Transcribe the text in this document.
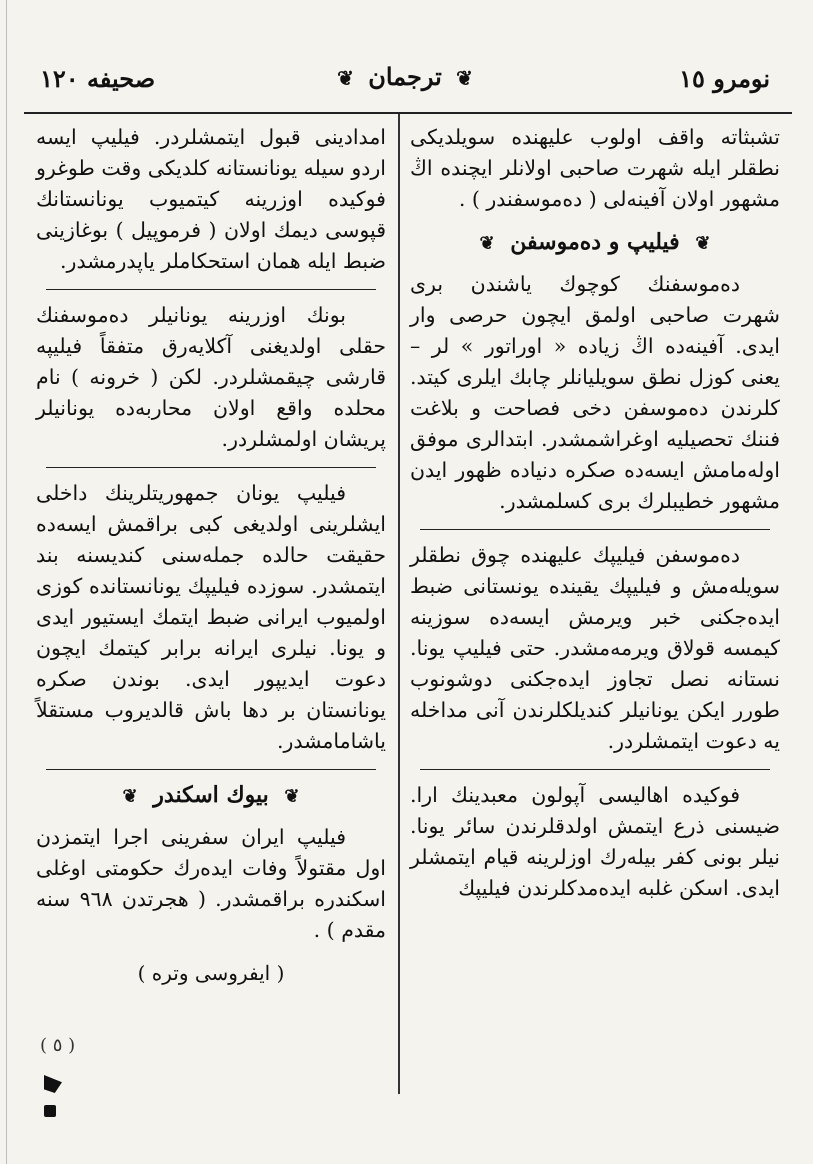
نومرو ١٥
❦ ترجمان ❦
صحيفه ١٢٠

تشبثاته واقف اولوب عليهنده سويلديكى نطقلر ايله شهرت صاحبى اولانلر ايچنده اڭ مشهور اولان آفينه‌لى ( دەموسفندر ) .

❦ فيليپ و دەموسفن ❦

دەموسفنك كوچوك ياشندن برى شهرت صاحبى اولمق ايچون حرصى وار ايدى. آفينه‌ده اڭ زياده « اوراتور » لر – يعنى كوزل نطق سويليانلر چابك ايلرى كيتد. كلرندن دەموسفن دخى فصاحت و بلاغت فننك تحصيليه اوغراشمشدر. ابتدالرى موفق اوله‌مامش ايسه‌ده صكره دنياده ظهور ايدن مشهور خطيبلرك برى كسلمشدر.

دەموسفن فيليپك عليهنده چوق نطقلر سويله‌مش و فيليپك يقينده يونستانى ضبط ايده‌جكنى خبر ويرمش ايسه‌ده سوزينه كيمسه قولاق ويرمه‌مشدر. حتى فيليپ يونا. نستانه نصل تجاوز ايده‌جكنى دوشونوب طورر ايكن يونانيلر كنديلكلرندن آنى مداخله يه دعوت ايتمشلردر.

فوكيده اهاليسى آپولون معبدينك ارا. ضيسنى ذرع ايتمش اولدقلرندن سائر يونا. نيلر بونى كفر بيلەرك اوزلرينه قيام ايتمشلر ايدى. اسكن غلبه ايده‌مدكلرندن فيليپك

امدادينى قبول ايتمشلردر. فيليپ ايسه اردو سيله يونانستانه كلديكى وقت طوغرو فوكيده اوزرينه كيتميوب يونانستانك قپوسى ديمك اولان ( فرموپيل ) بوغازينى ضبط ايله همان استحكاملر ياپدرمشدر.

بونك اوزرينه يونانيلر دەموسفنك حقلى اولديغنى آكلايەرق متفقاً فيليپه قارشى چيقمشلردر. لكن ( خرونه ) نام محلده واقع اولان محاربه‌ده يونانيلر پريشان اولمشلردر.

فيليپ يونان جمهوريتلرينك داخلى ايشلرينى اولديغى كبى براقمش ايسه‌ده حقيقت حالده جمله‌سنى كنديسنه بند ايتمشدر. سوزده فيليپك يونانستانده كوزى اولميوب ايرانى ضبط ايتمك ايستيور ايدى و يونا. نيلرى ايرانه برابر كيتمك ايچون دعوت ايديپور ايدى. بوندن صكره يونانستان بر دها باش قالديروب مستقلاً ياشامامشدر.

❦ بيوك اسكندر ❦

فيليپ ايران سفرينى اجرا ايتمزدن اول مقتولاً وفات ايده‌رك حكومتى اوغلى اسكندره براقمشدر. ( هجرتدن ٩٦٨ سنه مقدم ) .

( ايفروسى وترە )
( ٥ )
